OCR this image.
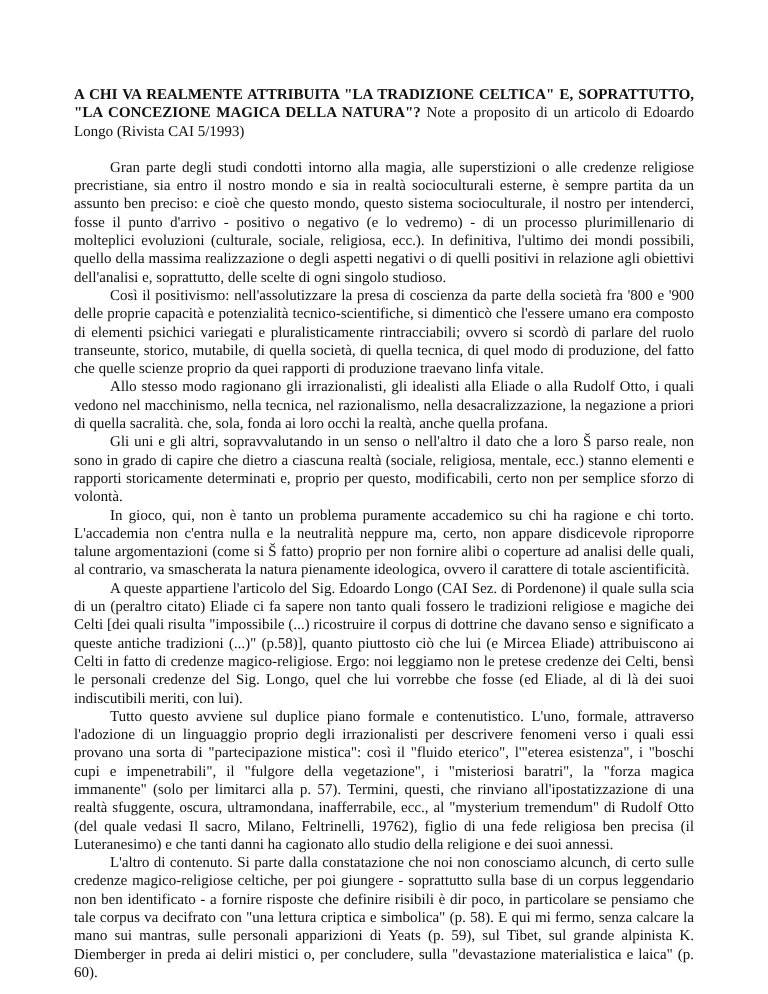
A CHI VA REALMENTE ATTRIBUITA "LA TRADIZIONE CELTICA" E, SOPRATTUTTO, "LA CONCEZIONE MAGICA DELLA NATURA"? Note a proposito di un articolo di Edoardo Longo (Rivista CAI 5/1993)

Gran parte degli studi condotti intorno alla magia, alle superstizioni o alle credenze religiose precristiane, sia entro il nostro mondo e sia in realtà socioculturali esterne, è sempre partita da un assunto ben preciso: e cioè che questo mondo, questo sistema socioculturale, il nostro per intenderci, fosse il punto d'arrivo - positivo o negativo (e lo vedremo) - di un processo plurimillenario di molteplici evoluzioni (culturale, sociale, religiosa, ecc.). In definitiva, l'ultimo dei mondi possibili, quello della massima realizzazione o degli aspetti negativi o di quelli positivi in relazione agli obiettivi dell'analisi e, soprattutto, delle scelte di ogni singolo studioso.

Così il positivismo: nell'assolutizzare la presa di coscienza da parte della società fra '800 e '900 delle proprie capacità e potenzialità tecnico-scientifiche, si dimenticò che l'essere umano era composto di elementi psichici variegati e pluralisticamente rintracciabili; ovvero si scordò di parlare del ruolo transeunte, storico, mutabile, di quella società, di quella tecnica, di quel modo di produzione, del fatto che quelle scienze proprio da quei rapporti di produzione traevano linfa vitale.

Allo stesso modo ragionano gli irrazionalisti, gli idealisti alla Eliade o alla Rudolf Otto, i quali vedono nel macchinismo, nella tecnica, nel razionalismo, nella desacralizzazione, la negazione a priori di quella sacralità. che, sola, fonda ai loro occhi la realtà, anche quella profana.

Gli uni e gli altri, sopravvalutando in un senso o nell'altro il dato che a loro Š parso reale, non sono in grado di capire che dietro a ciascuna realtà (sociale, religiosa, mentale, ecc.) stanno elementi e rapporti storicamente determinati e, proprio per questo, modificabili, certo non per semplice sforzo di volontà.

In gioco, qui, non è tanto un problema puramente accademico su chi ha ragione e chi torto. L'accademia non c'entra nulla e la neutralità neppure ma, certo, non appare disdicevole riproporre talune argomentazioni (come si Š fatto) proprio per non fornire alibi o coperture ad analisi delle quali, al contrario, va smascherata la natura pienamente ideologica, ovvero il carattere di totale ascientificità.

A queste appartiene l'articolo del Sig. Edoardo Longo (CAI Sez. di Pordenone) il quale sulla scia di un (peraltro citato) Eliade ci fa sapere non tanto quali fossero le tradizioni religiose e magiche dei Celti [dei quali risulta "impossibile (...) ricostruire il corpus di dottrine che davano senso e significato a queste antiche tradizioni (...)" (p.58)], quanto piuttosto ciò che lui (e Mircea Eliade) attribuiscono ai Celti in fatto di credenze magico-religiose. Ergo: noi leggiamo non le pretese credenze dei Celti, bensì le personali credenze del Sig. Longo, quel che lui vorrebbe che fosse (ed Eliade, al di là dei suoi indiscutibili meriti, con lui).

Tutto questo avviene sul duplice piano formale e contenutistico. L'uno, formale, attraverso l'adozione di un linguaggio proprio degli irrazionalisti per descrivere fenomeni verso i quali essi provano una sorta di "partecipazione mistica": così il "fluido eterico", l'"eterea esistenza", i "boschi cupi e impenetrabili", il "fulgore della vegetazione", i "misteriosi baratri", la "forza magica immanente" (solo per limitarci alla p. 57). Termini, questi, che rinviano all'ipostatizzazione di una realtà sfuggente, oscura, ultramondana, inafferrabile, ecc., al "mysterium tremendum" di Rudolf Otto (del quale vedasi Il sacro, Milano, Feltrinelli, 19762), figlio di una fede religiosa ben precisa (il Luteranesimo) e che tanti danni ha cagionato allo studio della religione e dei suoi annessi.

L'altro di contenuto. Si parte dalla constatazione che noi non conosciamo alcunch, di certo sulle credenze magico-religiose celtiche, per poi giungere - soprattutto sulla base di un corpus leggendario non ben identificato - a fornire risposte che definire risibili è dir poco, in particolare se pensiamo che tale corpus va decifrato con "una lettura criptica e simbolica" (p. 58). E qui mi fermo, senza calcare la mano sui mantras, sulle personali apparizioni di Yeats (p. 59), sul Tibet, sul grande alpinista K. Diemberger in preda ai deliri mistici o, per concludere, sulla "devastazione materialistica e laica" (p. 60).
